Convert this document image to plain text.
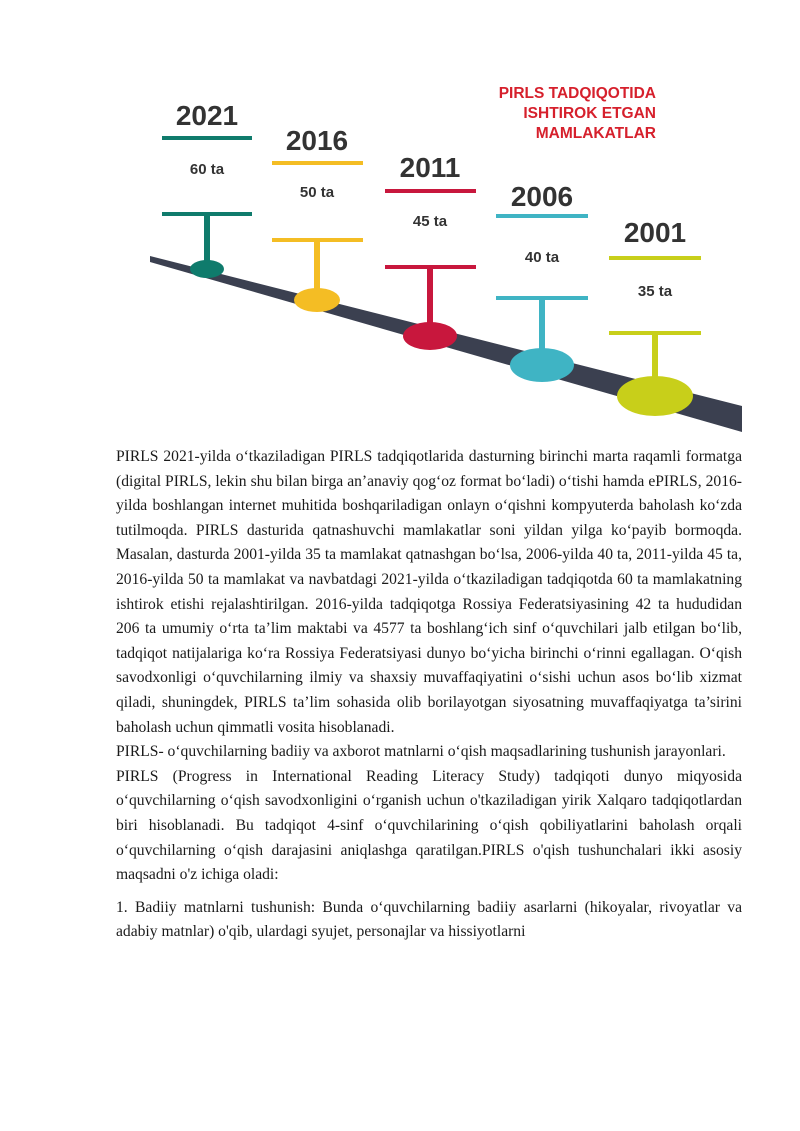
2021
60 ta
2016
50 ta
2011
45 ta
2006
40 ta
2001
35 ta
PIRLS TADQIQOTIDA
ISHTIROK ETGAN
MAMLAKATLAR

PIRLS 2021-yilda o‘tkaziladigan PIRLS tadqiqotlarida dasturning birinchi marta raqamli formatga (digital PIRLS, lekin shu bilan birga an’anaviy qog‘oz format bo‘ladi) o‘tishi hamda ePIRLS, 2016-yilda boshlangan internet muhitida boshqariladigan onlayn o‘qishni kompyuterda baholash ko‘zda tutilmoqda. PIRLS dasturida qatnashuvchi mamlakatlar soni yildan yilga ko‘payib bormoqda. Masalan, dasturda 2001-yilda 35 ta mamlakat qatnashgan bo‘lsa, 2006-yilda 40 ta, 2011-yilda 45 ta, 2016-yilda 50 ta mamlakat va navbatdagi 2021-yilda o‘tkaziladigan tadqiqotda 60 ta mamlakatning ishtirok etishi rejalashtirilgan. 2016-yilda tadqiqotga Rossiya Federatsiyasining 42 ta hududidan 206 ta umumiy o‘rta ta’lim maktabi va 4577 ta boshlang‘ich sinf o‘quvchilari jalb etilgan bo‘lib, tadqiqot natijalariga ko‘ra Rossiya Federatsiyasi dunyo bo‘yicha birinchi o‘rinni egallagan. O‘qish savodxonligi o‘quvchilarning ilmiy va shaxsiy muvaffaqiyatini o‘sishi uchun asos bo‘lib xizmat qiladi, shuningdek, PIRLS ta’lim sohasida olib borilayotgan siyosatning muvaffaqiyatga ta’sirini baholash uchun qimmatli vosita hisoblanadi.

PIRLS- o‘quvchilarning badiiy va axborot matnlarni o‘qish maqsadlarining tushunish jarayonlari.

PIRLS (Progress in International Reading Literacy Study) tadqiqoti dunyo miqyosida o‘quvchilarning o‘qish savodxonligini o‘rganish uchun o'tkaziladigan yirik Xalqaro tadqiqotlardan biri hisoblanadi. Bu tadqiqot 4-sinf o‘quvchilarining o‘qish qobiliyatlarini baholash orqali o‘quvchilarning o‘qish darajasini aniqlashga qaratilgan.PIRLS o'qish tushunchalari ikki asosiy maqsadni o'z ichiga oladi:

1. Badiiy matnlarni tushunish: Bunda o‘quvchilarning badiiy asarlarni (hikoyalar, rivoyatlar va adabiy matnlar) o'qib, ulardagi syujet, personajlar va hissiyotlarni
